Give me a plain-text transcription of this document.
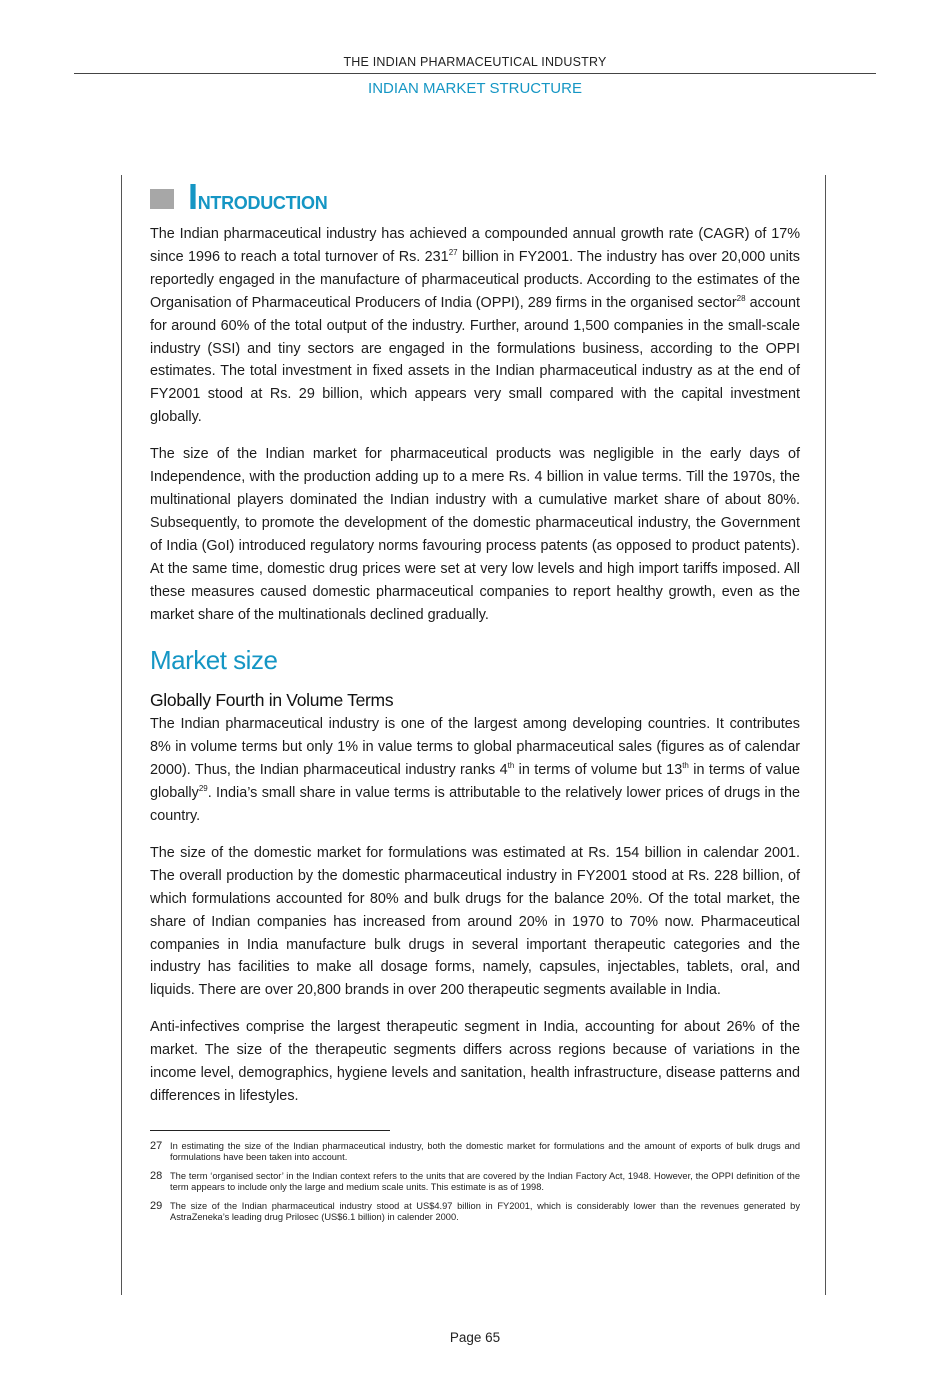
THE INDIAN PHARMACEUTICAL INDUSTRY
INDIAN MARKET STRUCTURE
Introduction

The Indian pharmaceutical industry has achieved a compounded annual growth rate (CAGR) of 17% since 1996 to reach a total turnover of Rs. $231^{27}$ billion in FY2001. The industry has over 20,000 units reportedly engaged in the manufacture of pharmaceutical products. According to the estimates of the Organisation of Pharmaceutical Producers of India (OPPI), 289 firms in the organised sector$^{28}$ account for around 60% of the total output of the industry. Further, around 1,500 companies in the small-scale industry (SSI) and tiny sectors are engaged in the formulations business, according to the OPPI estimates. The total investment in fixed assets in the Indian pharmaceutical industry as at the end of FY2001 stood at Rs. 29 billion, which appears very small compared with the capital investment globally.

The size of the Indian market for pharmaceutical products was negligible in the early days of Independence, with the production adding up to a mere Rs. 4 billion in value terms. Till the 1970s, the multinational players dominated the Indian industry with a cumulative market share of about 80%. Subsequently, to promote the development of the domestic pharmaceutical industry, the Government of India (GoI) introduced regulatory norms favouring process patents (as opposed to product patents). At the same time, domestic drug prices were set at very low levels and high import tariffs imposed. All these measures caused domestic pharmaceutical companies to report healthy growth, even as the market share of the multinationals declined gradually.

Market size
Globally Fourth in Volume Terms

The Indian pharmaceutical industry is one of the largest among developing countries. It contributes 8% in volume terms but only 1% in value terms to global pharmaceutical sales (figures as of calendar 2000). Thus, the Indian pharmaceutical industry ranks 4th in terms of volume but 13th in terms of value globally$^{29}$. India’s small share in value terms is attributable to the relatively lower prices of drugs in the country.

The size of the domestic market for formulations was estimated at Rs. 154 billion in calendar 2001. The overall production by the domestic pharmaceutical industry in FY2001 stood at Rs. 228 billion, of which formulations accounted for 80% and bulk drugs for the balance 20%. Of the total market, the share of Indian companies has increased from around 20% in 1970 to 70% now. Pharmaceutical companies in India manufacture bulk drugs in several important therapeutic categories and the industry has facilities to make all dosage forms, namely, capsules, injectables, tablets, oral, and liquids. There are over 20,800 brands in over 200 therapeutic segments available in India.

Anti-infectives comprise the largest therapeutic segment in India, accounting for about 26% of the market. The size of the therapeutic segments differs across regions because of variations in the income level, demographics, hygiene levels and sanitation, health infrastructure, disease patterns and differences in lifestyles.

27 In estimating the size of the Indian pharmaceutical industry, both the domestic market for formulations and the amount of exports of bulk drugs and formulations have been taken into account.
28 The term ‘organised sector’ in the Indian context refers to the units that are covered by the Indian Factory Act, 1948. However, the OPPI definition of the term appears to include only the large and medium scale units. This estimate is as of 1998.
29 The size of the Indian pharmaceutical industry stood at US$4.97 billion in FY2001, which is considerably lower than the revenues generated by AstraZeneka’s leading drug Prilosec (US$6.1 billion) in calender 2000.
Page 65
